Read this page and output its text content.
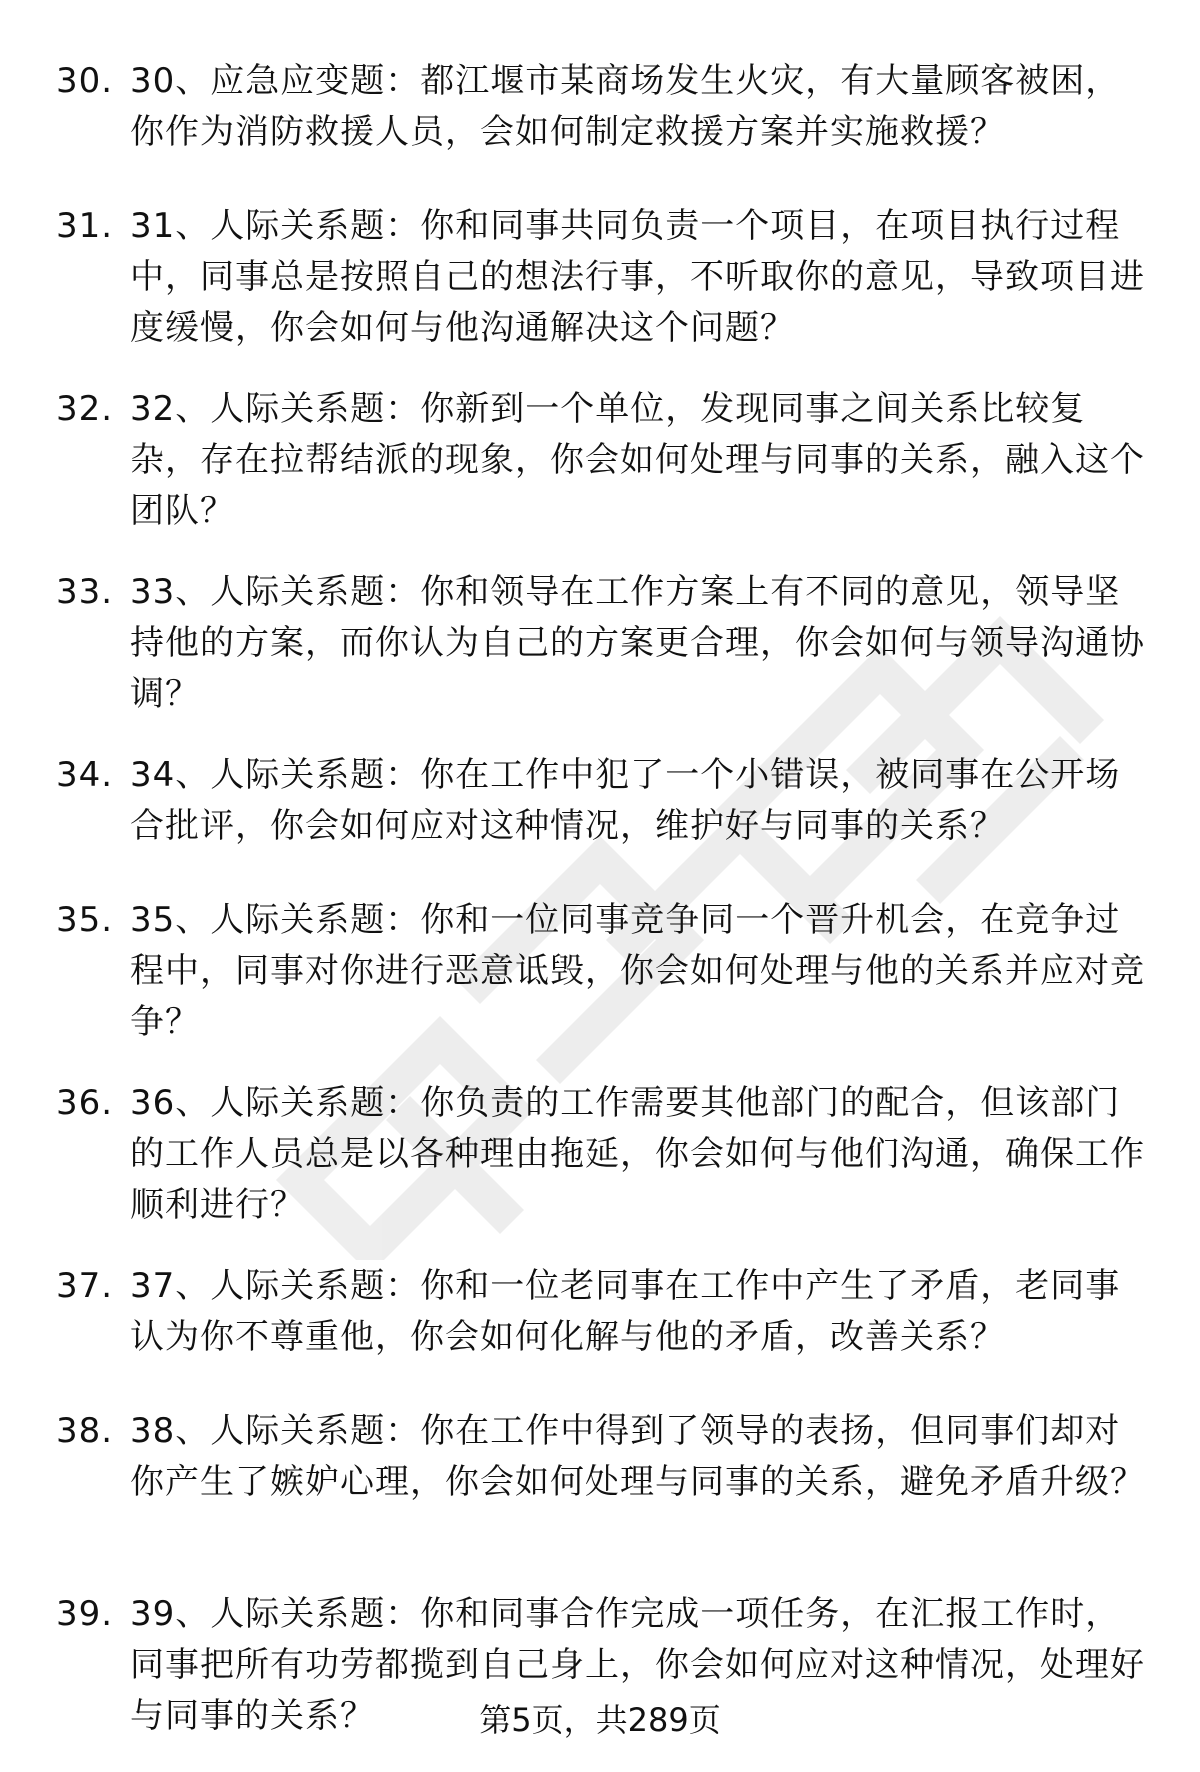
30. 30、应急应变题：都江堰市某商场发生火灾，有大量顾客被困，你作为消防救援人员，会如何制定救援方案并实施救援？
31. 31、人际关系题：你和同事共同负责一个项目，在项目执行过程中，同事总是按照自己的想法行事，不听取你的意见，导致项目进度缓慢，你会如何与他沟通解决这个问题？
32. 32、人际关系题：你新到一个单位，发现同事之间关系比较复杂，存在拉帮结派的现象，你会如何处理与同事的关系，融入这个团队？
33. 33、人际关系题：你和领导在工作方案上有不同的意见，领导坚持他的方案，而你认为自己的方案更合理，你会如何与领导沟通协调？
34. 34、人际关系题：你在工作中犯了一个小错误，被同事在公开场合批评，你会如何应对这种情况，维护好与同事的关系？
35. 35、人际关系题：你和一位同事竞争同一个晋升机会，在竞争过程中，同事对你进行恶意诋毁，你会如何处理与他的关系并应对竞争？
36. 36、人际关系题：你负责的工作需要其他部门的配合，但该部门的工作人员总是以各种理由拖延，你会如何与他们沟通，确保工作顺利进行？
37. 37、人际关系题：你和一位老同事在工作中产生了矛盾，老同事认为你不尊重他，你会如何化解与他的矛盾，改善关系？
38. 38、人际关系题：你在工作中得到了领导的表扬，但同事们却对你产生了嫉妒心理，你会如何处理与同事的关系，避免矛盾升级？
39. 39、人际关系题：你和同事合作完成一项任务，在汇报工作时，同事把所有功劳都揽到自己身上，你会如何应对这种情况，处理好与同事的关系？	第5页，共289页
